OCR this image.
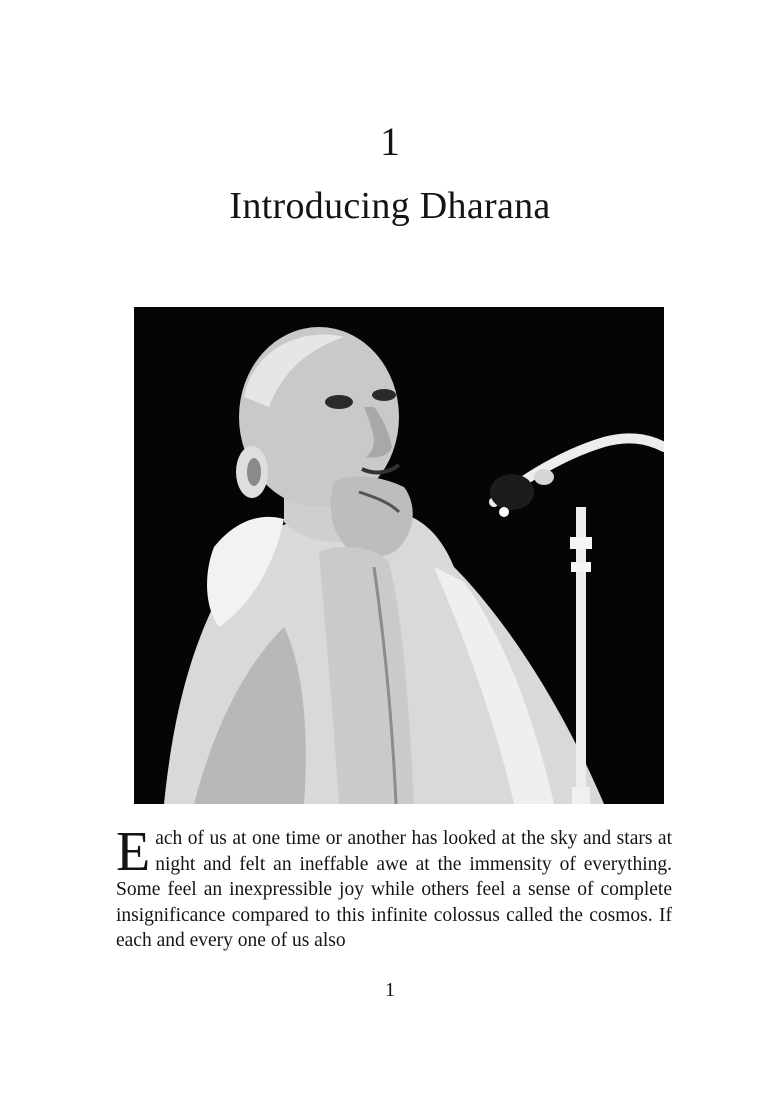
1
Introducing Dharana
Each of us at one time or another has looked at the sky and stars at night and felt an ineffable awe at the immensity of everything. Some feel an inexpressible joy while others feel a sense of complete insignificance compared to this infinite colossus called the cosmos. If each and every one of us also
1
